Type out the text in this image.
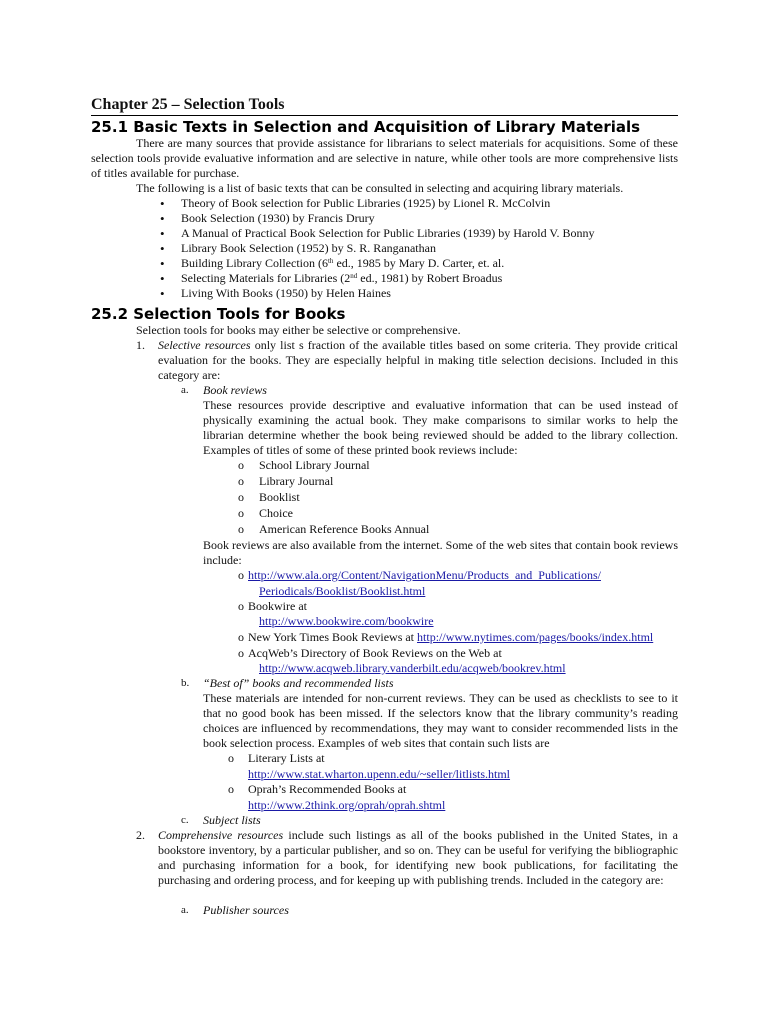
Chapter 25 – Selection Tools
25.1 Basic Texts in Selection and Acquisition of Library Materials
There are many sources that provide assistance for librarians to select materials for acquisitions. Some of these selection tools provide evaluative information and are selective in nature, while other tools are more comprehensive lists of titles available for purchase.
The following is a list of basic texts that can be consulted in selecting and acquiring library materials.
• Theory of Book selection for Public Libraries (1925) by Lionel R. McColvin
• Book Selection (1930) by Francis Drury
• A Manual of Practical Book Selection for Public Libraries (1939) by Harold V. Bonny
• Library Book Selection (1952) by S. R. Ranganathan
• Building Library Collection (6th ed., 1985 by Mary D. Carter, et. al.
• Selecting Materials for Libraries (2nd ed., 1981) by Robert Broadus
• Living With Books (1950) by Helen Haines
25.2 Selection Tools for Books
Selection tools for books may either be selective or comprehensive.
1. Selective resources only list s fraction of the available titles based on some criteria. They provide critical evaluation for the books. They are especially helpful in making title selection decisions. Included in this category are:
a. Book reviews
These resources provide descriptive and evaluative information that can be used instead of physically examining the actual book. They make comparisons to similar works to help the librarian determine whether the book being reviewed should be added to the library collection. Examples of titles of some of these printed book reviews include:
o School Library Journal
o Library Journal
o Booklist
o Choice
o American Reference Books Annual
Book reviews are also available from the internet. Some of the web sites that contain book reviews include:
o http://www.ala.org/Content/NavigationMenu/Products_and_Publications/
Periodicals/Booklist/Booklist.html
o Bookwire at
http://www.bookwire.com/bookwire
o New York Times Book Reviews at http://www.nytimes.com/pages/books/index.html
o AcqWeb’s Directory of Book Reviews on the Web at
http://www.acqweb.library.vanderbilt.edu/acqweb/bookrev.html
b. “Best of” books and recommended lists
These materials are intended for non-current reviews. They can be used as checklists to see to it that no good book has been missed. If the selectors know that the library community’s reading choices are influenced by recommendations, they may want to consider recommended lists in the book selection process. Examples of web sites that contain such lists are
o Literary Lists at
http://www.stat.wharton.upenn.edu/~seller/litlists.html
o Oprah’s Recommended Books at
http://www.2think.org/oprah/oprah.shtml
c. Subject lists
2. Comprehensive resources include such listings as all of the books published in the United States, in a bookstore inventory, by a particular publisher, and so on. They can be useful for verifying the bibliographic and purchasing information for a book, for identifying new book publications, for facilitating the purchasing and ordering process, and for keeping up with publishing trends. Included in the category are:
a. Publisher sources
